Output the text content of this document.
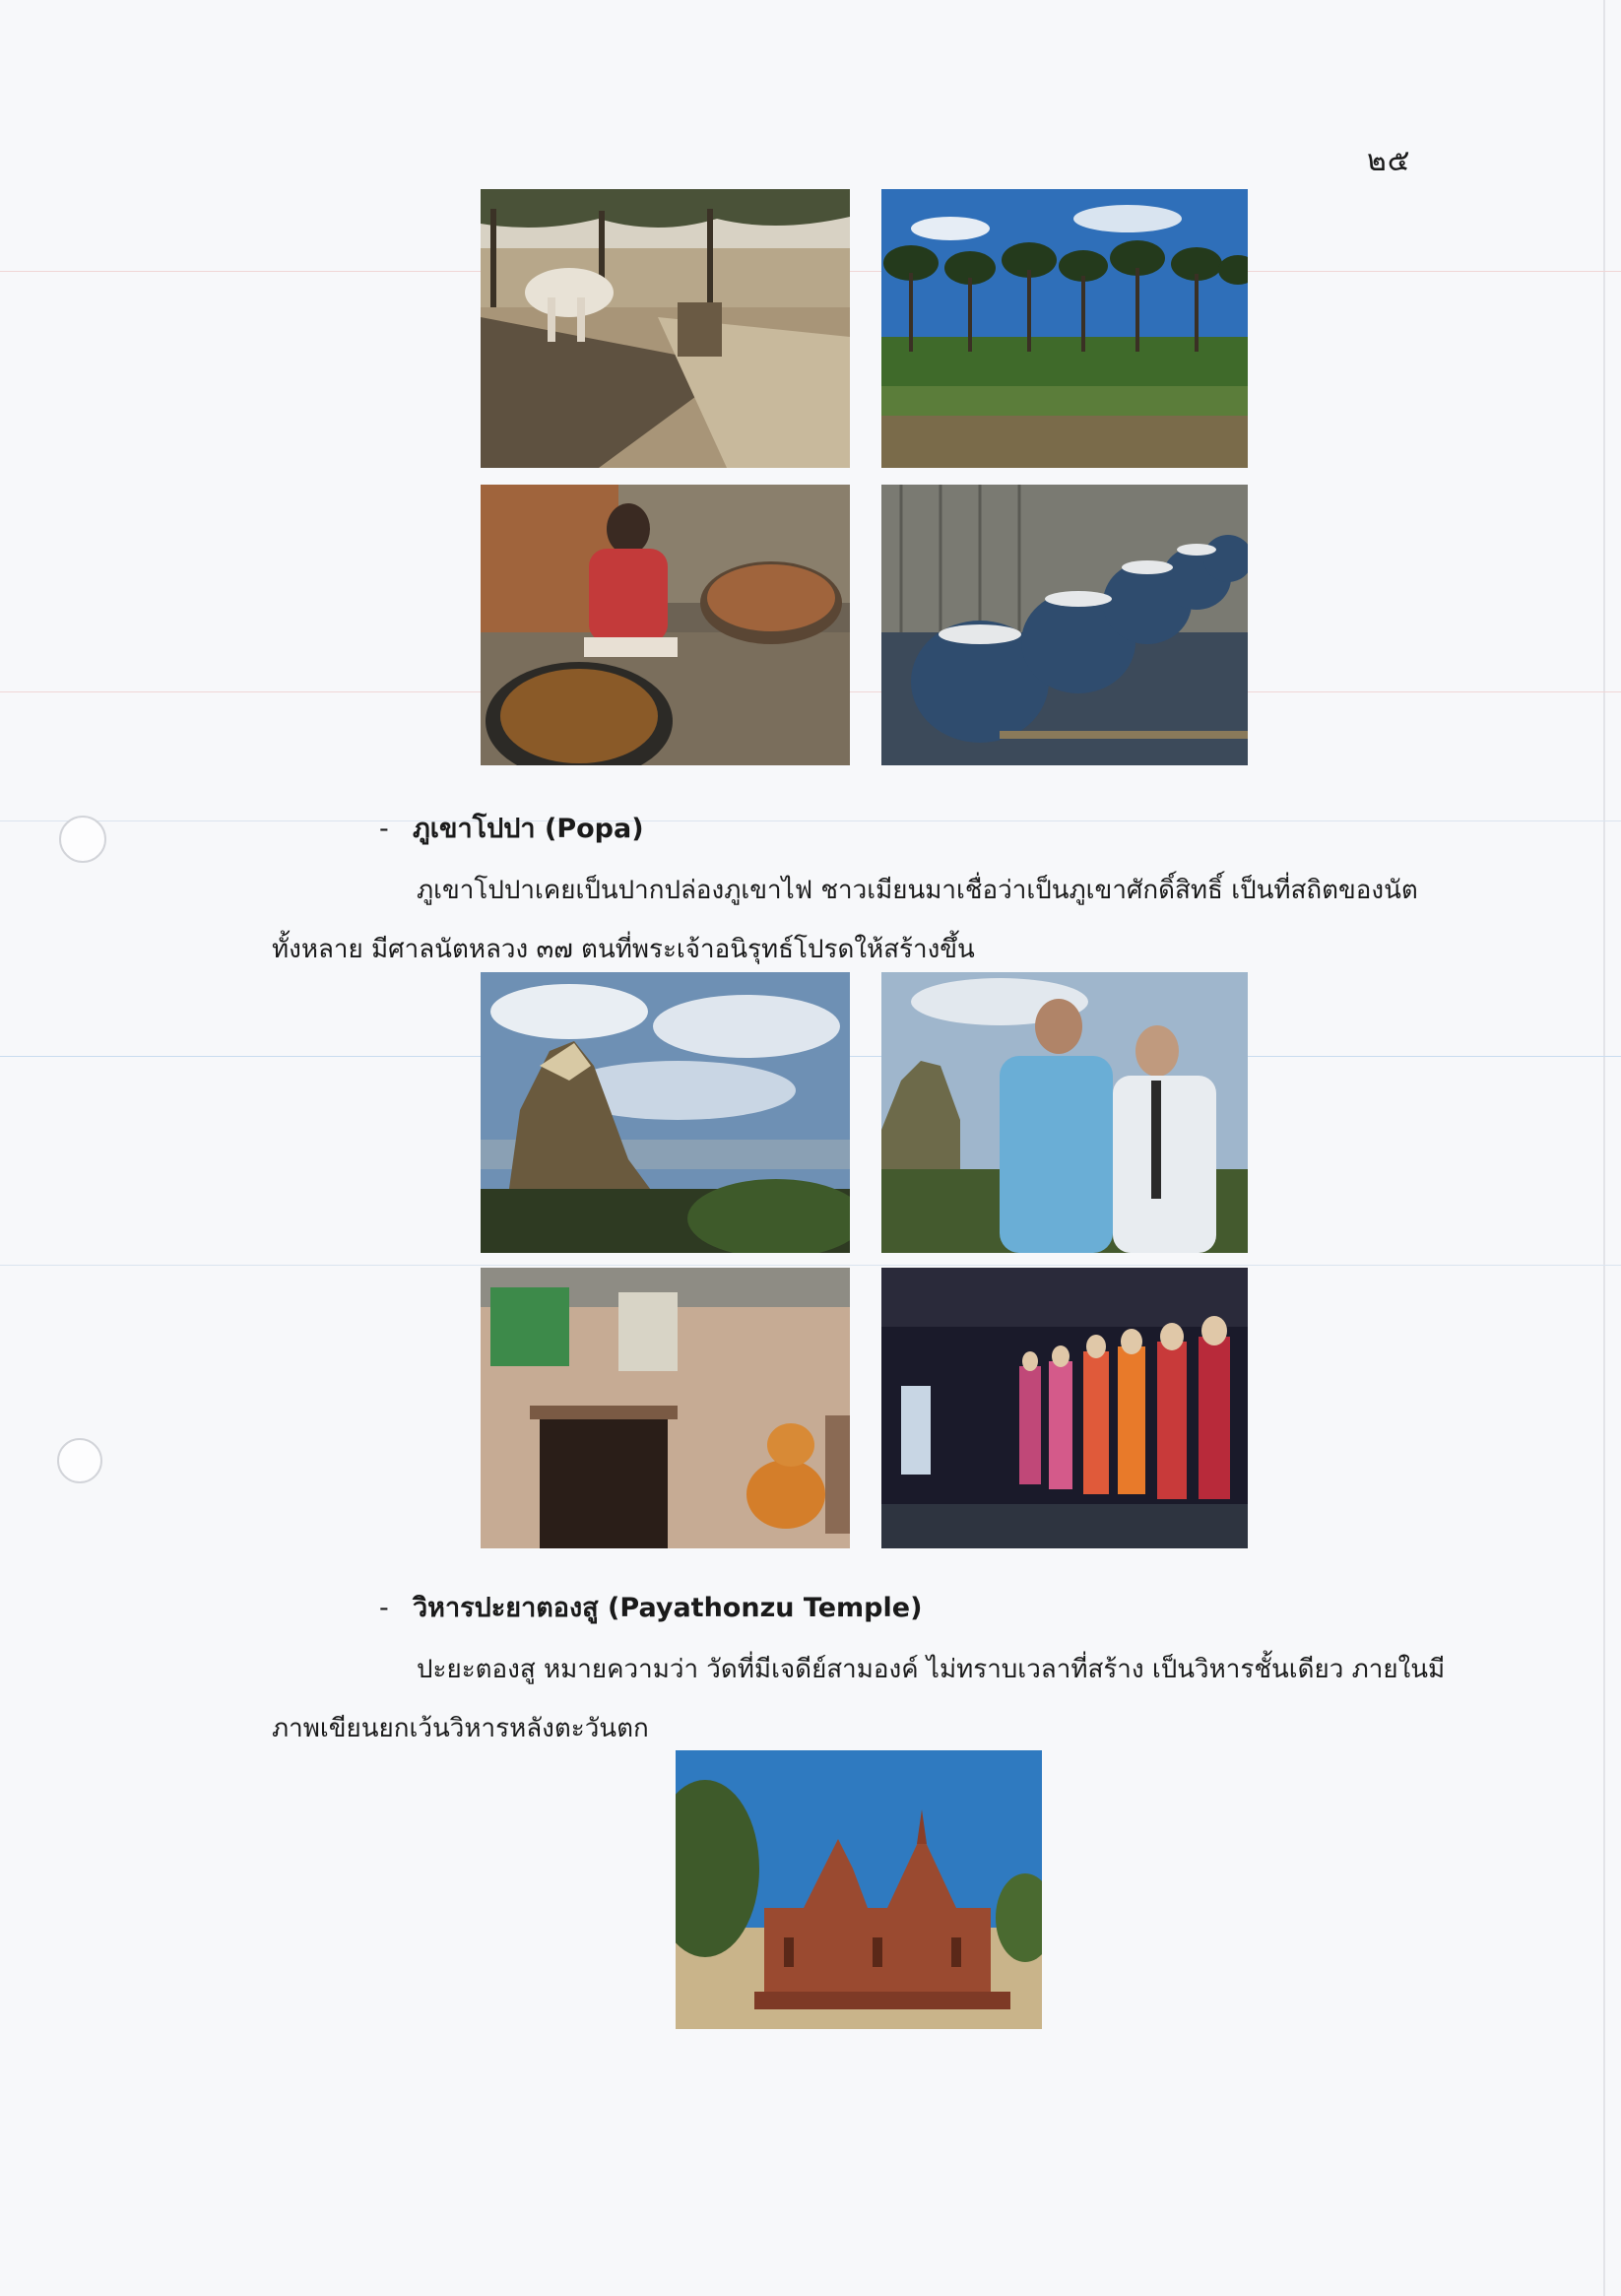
๒๕
- ภูเขาโปปา (Popa)
ภูเขาโปปาเคยเป็นปากปล่องภูเขาไฟ ชาวเมียนมาเชื่อว่าเป็นภูเขาศักดิ์สิทธิ์ เป็นที่สถิตของนัต
ทั้งหลาย มีศาลนัตหลวง ๓๗ ตนที่พระเจ้าอนิรุทธ์โปรดให้สร้างขึ้น
- วิหารปะยาตองสู (Payathonzu Temple)
ปะยะตองสู หมายความว่า วัดที่มีเจดีย์สามองค์ ไม่ทราบเวลาที่สร้าง เป็นวิหารชั้นเดียว ภายในมี
ภาพเขียนยกเว้นวิหารหลังตะวันตก
